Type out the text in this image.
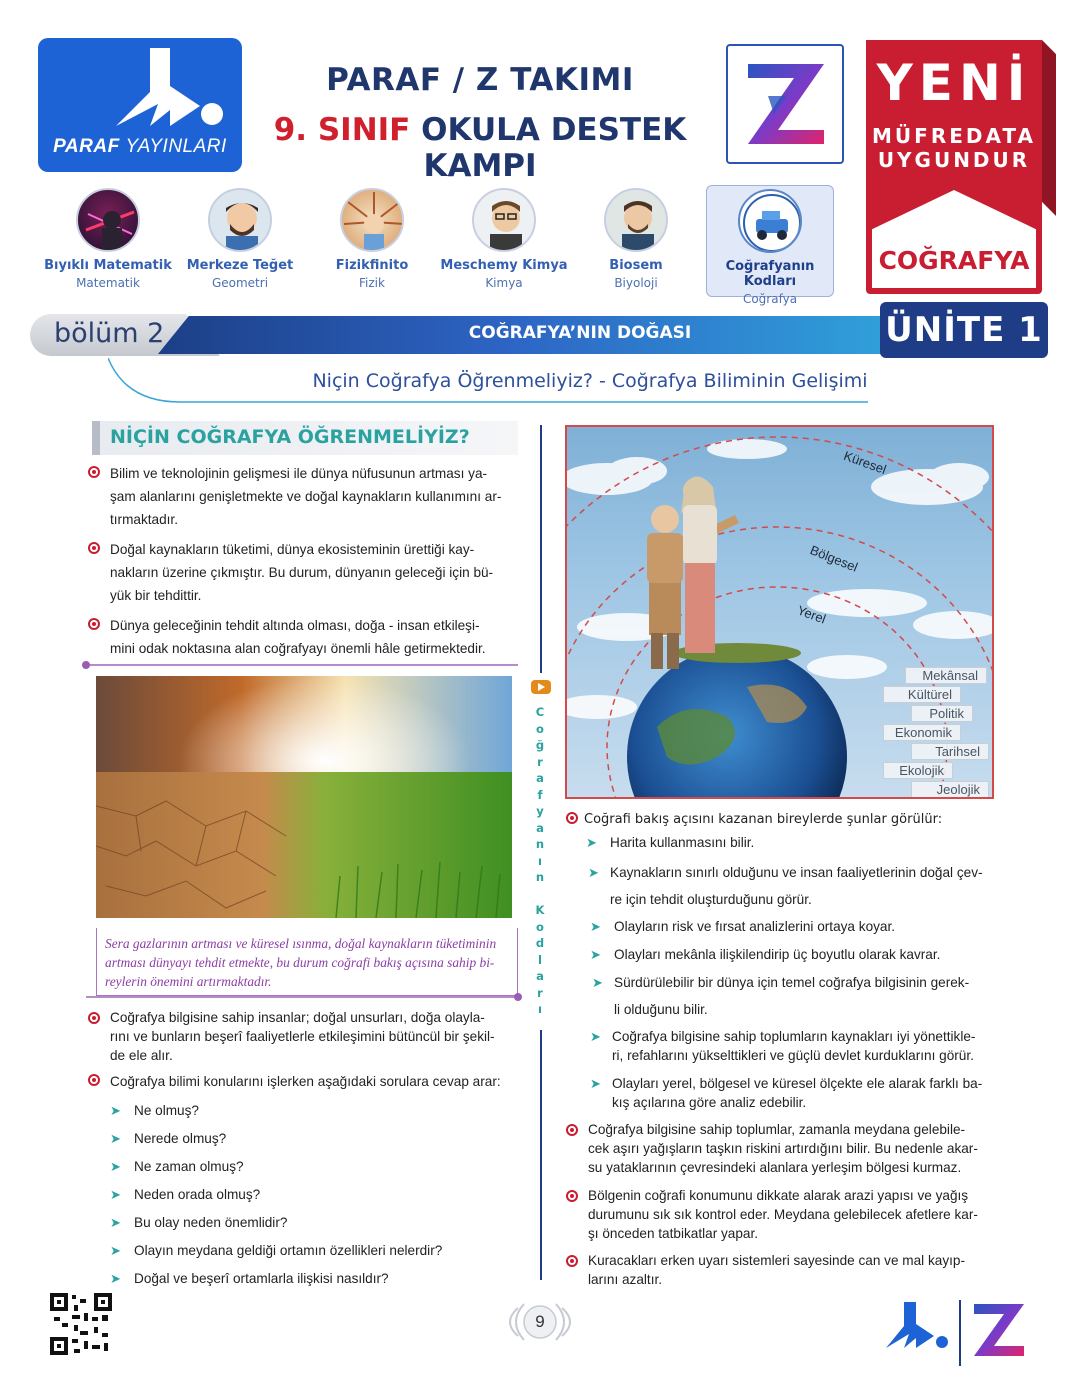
PARAF YAYINLARI
PARAF / Z TAKIMI
9. SINIF OKULA DESTEK KAMPI
YENİ
MÜFREDATA
UYGUNDUR
COĞRAFYA
Bıyıklı Matematik
Matematik
Merkeze Teğet
Geometri
Fizikfinito
Fizik
Meschemy Kimya
Kimya
Biosem
Biyoloji
Coğrafyanın Kodları
Coğrafya
bölüm 2	COĞRAFYA’NIN DOĞASI	ÜNİTE 1
Niçin Coğrafya Öğrenmeliyiz? - Coğrafya Biliminin Gelişimi
NİÇİN COĞRAFYA ÖĞRENMELİYİZ?
Bilim ve teknolojinin gelişmesi ile dünya nüfusunun artması ya-
şam alanlarını genişletmekte ve doğal kaynakların kullanımını ar-
tırmaktadır.
Doğal kaynakların tüketimi, dünya ekosisteminin ürettiği kay-
nakların üzerine çıkmıştır. Bu durum, dünyanın geleceği için bü-
yük bir tehdittir.
Dünya geleceğinin tehdit altında olması, doğa - insan etkileşi-
mini odak noktasına alan coğrafyayı önemli hâle getirmektedir.
Sera gazlarının artması ve küresel ısınma, doğal kaynakların tüketiminin
artması dünyayı tehdit etmekte, bu durum coğrafi bakış açısına sahip bi-
reylerin önemini artırmaktadır.
Coğrafya bilgisine sahip insanlar; doğal unsurları, doğa olayla-
rını ve bunların beşerî faaliyetlerle etkileşimini bütüncül bir şekil-
de ele alır.
Coğrafya bilimi konularını işlerken aşağıdaki sorulara cevap arar:
➤ Ne olmuş?
➤ Nerede olmuş?
➤ Ne zaman olmuş?
➤ Neden orada olmuş?
➤ Bu olay neden önemlidir?
➤ Olayın meydana geldiği ortamın özellikleri nelerdir?
➤ Doğal ve beşerî ortamlarla ilişkisi nasıldır?
C
o
ğ
r
a
f
y
a
n
ı
n

K
o
d
l
a
r
ı
Küresel
Bölgesel
Yerel
Mekânsal
Kültürel
Politik
Ekonomik
Tarihsel
Ekolojik
Jeolojik
Coğrafi bakış açısını kazanan bireylerde şunlar görülür:
➤ Harita kullanmasını bilir.
➤ Kaynakların sınırlı olduğunu ve insan faaliyetlerinin doğal çev-
re için tehdit oluşturduğunu görür.
➤ Olayların risk ve fırsat analizlerini ortaya koyar.
➤ Olayları mekânla ilişkilendirip üç boyutlu olarak kavrar.
➤ Sürdürülebilir bir dünya için temel coğrafya bilgisinin gerek-
li olduğunu bilir.
➤ Coğrafya bilgisine sahip toplumların kaynakları iyi yönettikle-
ri, refahlarını yükselttikleri ve güçlü devlet kurduklarını görür.
➤ Olayları yerel, bölgesel ve küresel ölçekte ele alarak farklı ba-
kış açılarına göre analiz edebilir.
Coğrafya bilgisine sahip toplumlar, zamanla meydana gelebile-
cek aşırı yağışların taşkın riskini artırdığını bilir. Bu nedenle akar-
su yataklarının çevresindeki alanlara yerleşim bölgesi kurmaz.
Bölgenin coğrafi konumunu dikkate alarak arazi yapısı ve yağış
durumunu sık sık kontrol eder. Meydana gelebilecek afetlere kar-
şı önceden tatbikatlar yapar.
Kuracakları erken uyarı sistemleri sayesinde can ve mal kayıp-
larını azaltır.
9
